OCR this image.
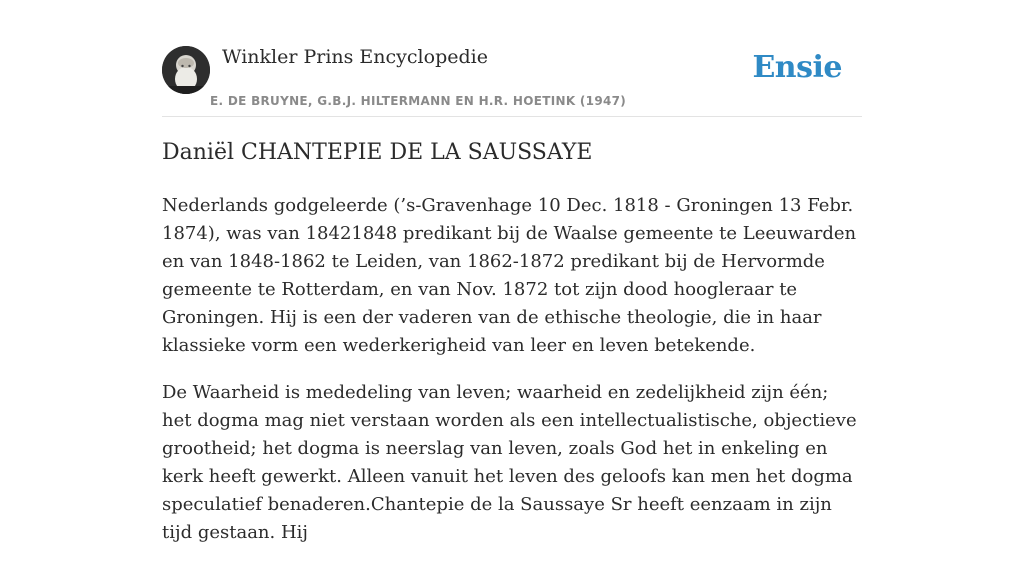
Winkler Prins Encyclopedie
E. DE BRUYNE, G.B.J. HILTERMANN EN H.R. HOETINK (1947)
Ensie
Daniël CHANTEPIE DE LA SAUSSAYE

Nederlands godgeleerde (’s-Gravenhage 10 Dec. 1818 - Groningen 13 Febr. 1874), was van 18421848 predikant bij de Waalse gemeente te Leeuwarden en van 1848-1862 te Leiden, van 1862-1872 predikant bij de Hervormde gemeente te Rotterdam, en van Nov. 1872 tot zijn dood hoogleraar te Groningen. Hij is een der vaderen van de ethische theologie, die in haar klassieke vorm een wederkerigheid van leer en leven betekende.

De Waarheid is mededeling van leven; waarheid en zedelijkheid zijn één; het dogma mag niet verstaan worden als een intellectualistische, objectieve grootheid; het dogma is neerslag van leven, zoals God het in enkeling en kerk heeft gewerkt. Alleen vanuit het leven des geloofs kan men het dogma speculatief benaderen.Chantepie de la Saussaye Sr heeft eenzaam in zijn tijd gestaan. Hij
